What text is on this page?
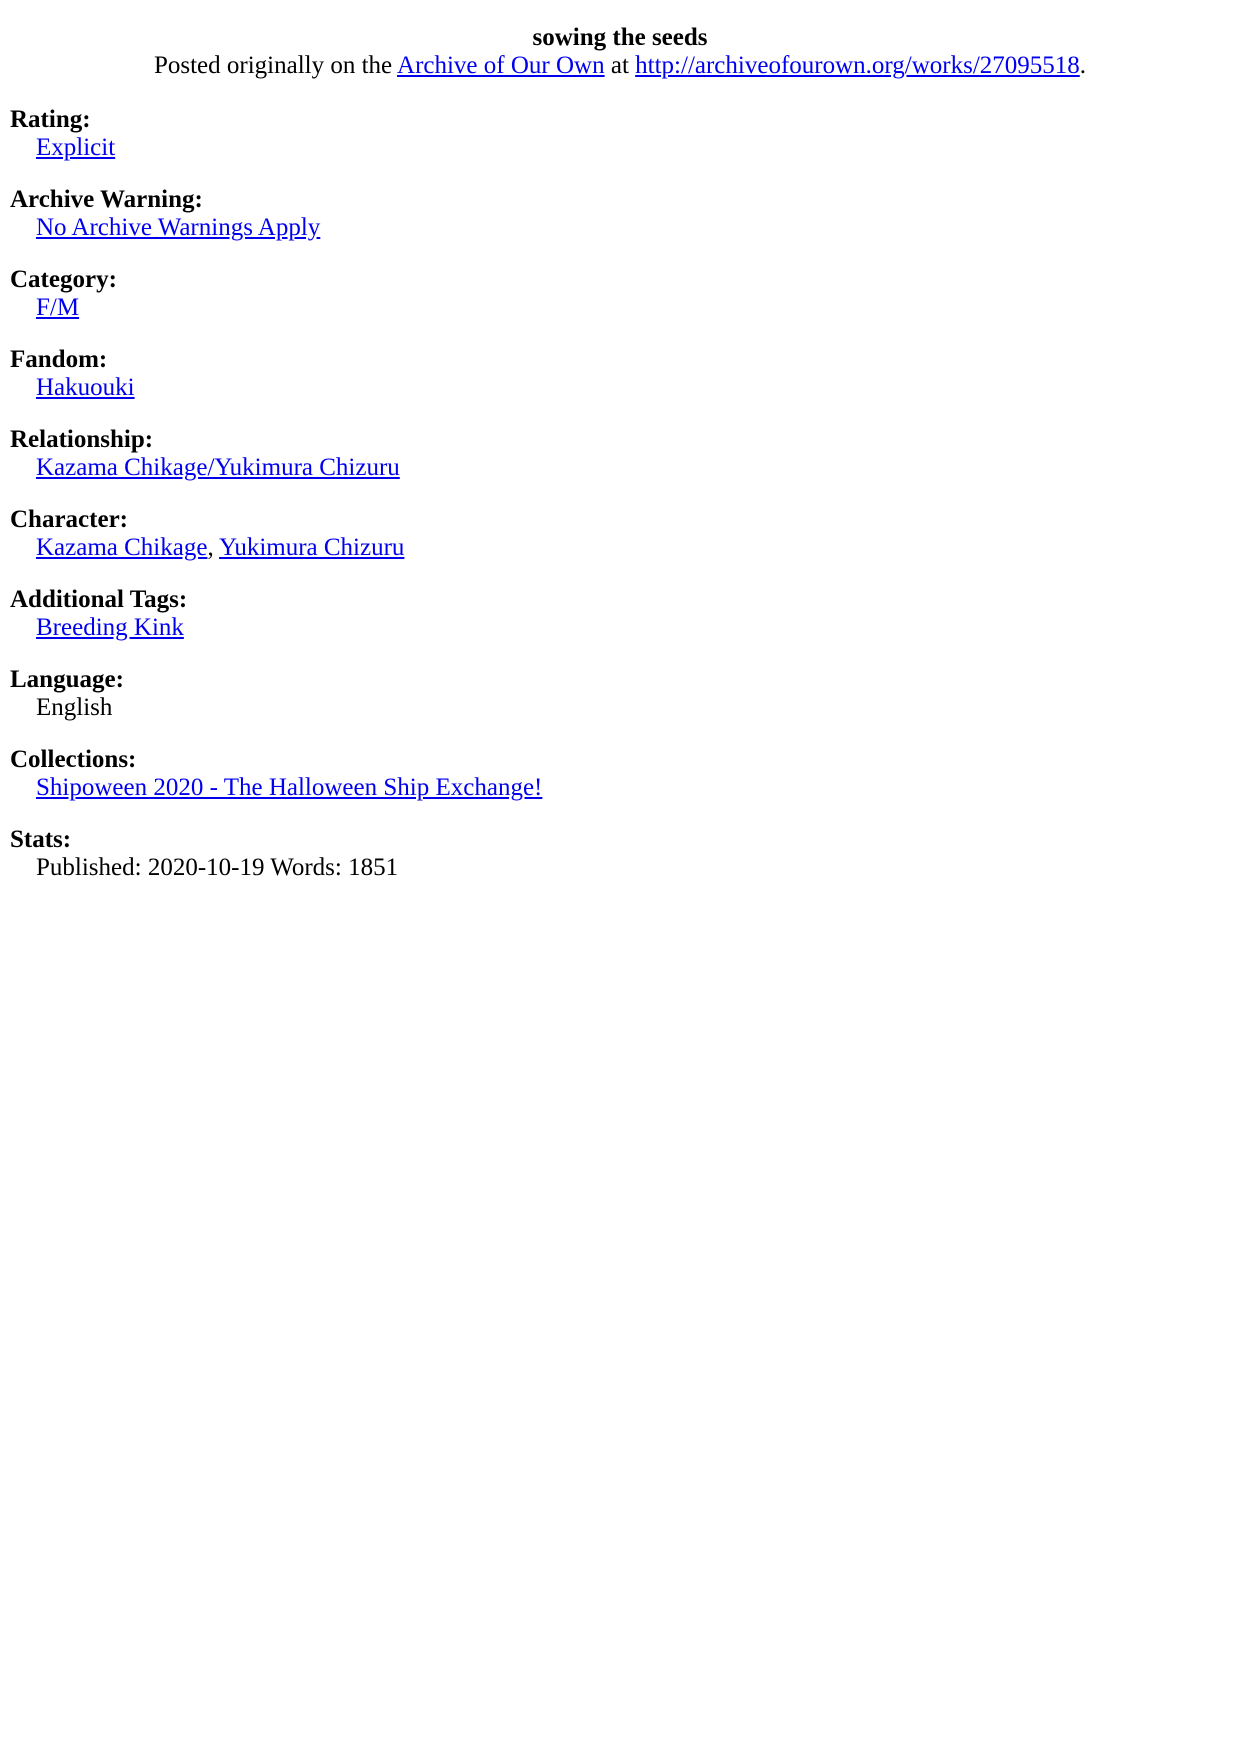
sowing the seeds

Posted originally on the Archive of Our Own at http://archiveofourown.org/works/27095518.

Rating:
Explicit
Archive Warning:
No Archive Warnings Apply
Category:
F/M
Fandom:
Hakuouki
Relationship:
Kazama Chikage/Yukimura Chizuru
Character:
Kazama Chikage, Yukimura Chizuru
Additional Tags:
Breeding Kink
Language:
English
Collections:
Shipoween 2020 - The Halloween Ship Exchange!
Stats:
Published: 2020-10-19 Words: 1851
